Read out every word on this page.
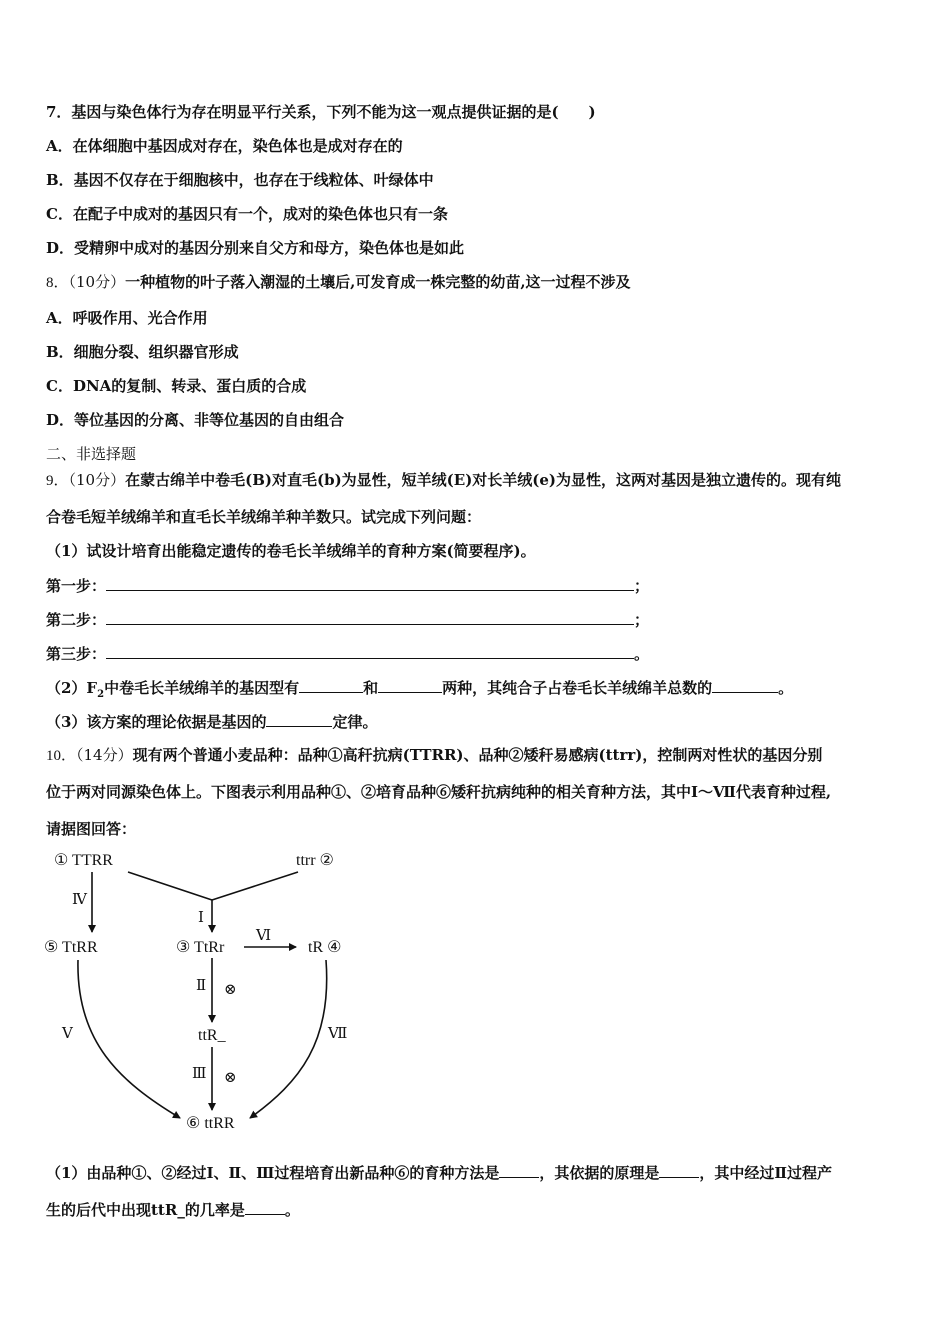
7．基因与染色体行为存在明显平行关系，下列不能为这一观点提供证据的是(　　)
A．在体细胞中基因成对存在，染色体也是成对存在的
B．基因不仅存在于细胞核中，也存在于线粒体、叶绿体中
C．在配子中成对的基因只有一个，成对的染色体也只有一条
D．受精卵中成对的基因分别来自父方和母方，染色体也是如此
8．（10分）一种植物的叶子落入潮湿的土壤后,可发育成一株完整的幼苗,这一过程不涉及
A．呼吸作用、光合作用
B．细胞分裂、组织器官形成
C．DNA的复制、转录、蛋白质的合成
D．等位基因的分离、非等位基因的自由组合
二、非选择题
9．（10分）在蒙古绵羊中卷毛(B)对直毛(b)为显性，短羊绒(E)对长羊绒(e)为显性，这两对基因是独立遗传的。现有纯
合卷毛短羊绒绵羊和直毛长羊绒绵羊种羊数只。试完成下列问题：
（1）试设计培育出能稳定遗传的卷毛长羊绒绵羊的育种方案(简要程序)。
第一步：	；
第二步：	；
第三步：	。
$(2)F_2$中卷毛长羊绒绵羊的基因型有	和	两种，其纯合子占卷毛长羊绒绵羊总数的	。
（3）该方案的理论依据是基因的	定律。
10．（14分）现有两个普通小麦品种：品种①高秆抗病(TTRR)、品种②矮秆易感病(ttrr)，控制两对性状的基因分别
位于两对同源染色体上。下图表示利用品种①、②培育品种⑥矮秆抗病纯种的相关育种方法，其中Ⅰ～Ⅶ代表育种过程,
请据图回答：
① TTRR	ttrr ②
⑤ TtRR	③ TtRr	tR ④
ttR_
⑥ ttRR
Ⅰ
Ⅱ
Ⅲ
Ⅳ
Ⅴ
Ⅵ
Ⅶ
⊗
⊗
（1）由品种①、②经过Ⅰ、Ⅱ、Ⅲ过程培育出新品种⑥的育种方法是	，其依据的原理是	，其中经过Ⅱ过程产
生的后代中出现ttR_的几率是	。
